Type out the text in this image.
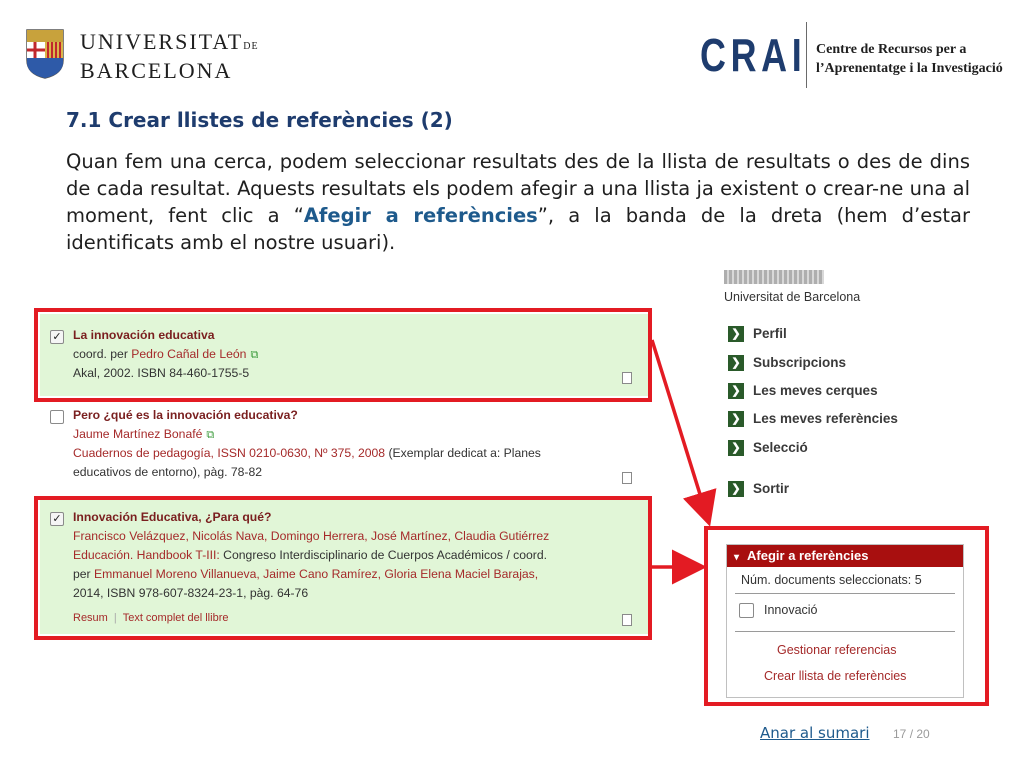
UNIVERSITATDE
BARCELONA	CRAI Centre de Recursos per a
l’Aprenentatge i la Investigació
7.1 Crear llistes de referències (2)
Quan fem una cerca, podem seleccionar resultats des de la llista de resultats o des de dins de cada resultat. Aquests resultats els podem afegir a una llista ja existent o crear-ne una al moment, fent clic a “Afegir a referències”, a la banda de la dreta (hem d’estar identificats amb el nostre usuari).
✓ La innovación educativa
coord. per Pedro Cañal de León ⧉
Akal, 2002. ISBN 84-460-1755-5
Pero ¿qué es la innovación educativa?
Jaume Martínez Bonafé ⧉
Cuadernos de pedagogía, ISSN 0210-0630, Nº 375, 2008 (Exemplar dedicat a: Planes
educativos de entorno), pàg. 78-82
✓ Innovación Educativa, ¿Para qué?
Francisco Velázquez, Nicolás Nava, Domingo Herrera, José Martínez, Claudia Gutiérrez
Educación. Handbook T-III: Congreso Interdisciplinario de Cuerpos Académicos / coord.
per Emmanuel Moreno Villanueva, Jaime Cano Ramírez, Gloria Elena Maciel Barajas,
2014, ISBN 978-607-8324-23-1, pàg. 64-76
Resum | Text complet del llibre
Universitat de Barcelona
❯ Perfil
❯ Subscripcions
❯ Les meves cerques
❯ Les meves referències
❯ Selecció
❯ Sortir
▾ Afegir a referències
Núm. documents seleccionats: 5
Innovació
Gestionar referencias
Crear llista de referències
Anar al sumari 17 / 20
